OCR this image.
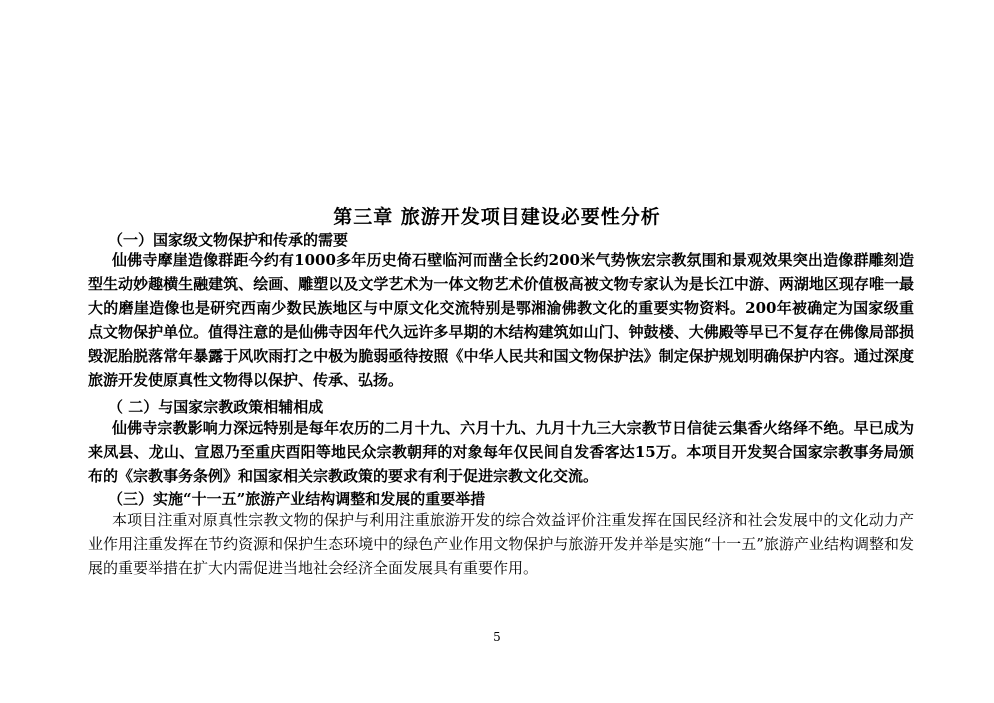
第三章 旅游开发项目建设必要性分析
（一）国家级文物保护和传承的需要
仙佛寺摩崖造像群距今约有1000多年历史倚石壁临河而凿全长约200米气势恢宏宗教氛围和景观效果突出造像群雕刻造型生动妙趣横生融建筑、绘画、雕塑以及文学艺术为一体文物艺术价值极高被文物专家认为是长江中游、两湖地区现存唯一最大的磨崖造像也是研究西南少数民族地区与中原文化交流特别是鄂湘渝佛教文化的重要实物资料。200年被确定为国家级重点文物保护单位。值得注意的是仙佛寺因年代久远许多早期的木结构建筑如山门、钟鼓楼、大佛殿等早已不复存在佛像局部损毁泥胎脱落常年暴露于风吹雨打之中极为脆弱亟待按照《中华人民共和国文物保护法》制定保护规划明确保护内容。通过深度旅游开发使原真性文物得以保护、传承、弘扬。
（ 二）与国家宗教政策相辅相成
仙佛寺宗教影响力深远特别是每年农历的二月十九、六月十九、九月十九三大宗教节日信徒云集香火络绎不绝。早已成为来凤县、龙山、宣恩乃至重庆酉阳等地民众宗教朝拜的对象每年仅民间自发香客达15万。本项目开发契合国家宗教事务局颁布的《宗教事务条例》和国家相关宗教政策的要求有利于促进宗教文化交流。
（三）实施“十一五”旅游产业结构调整和发展的重要举措
本项目注重对原真性宗教文物的保护与利用注重旅游开发的综合效益评价注重发挥在国民经济和社会发展中的文化动力产业作用注重发挥在节约资源和保护生态环境中的绿色产业作用文物保护与旅游开发并举是实施“十一五”旅游产业结构调整和发展的重要举措在扩大内需促进当地社会经济全面发展具有重要作用。
5
